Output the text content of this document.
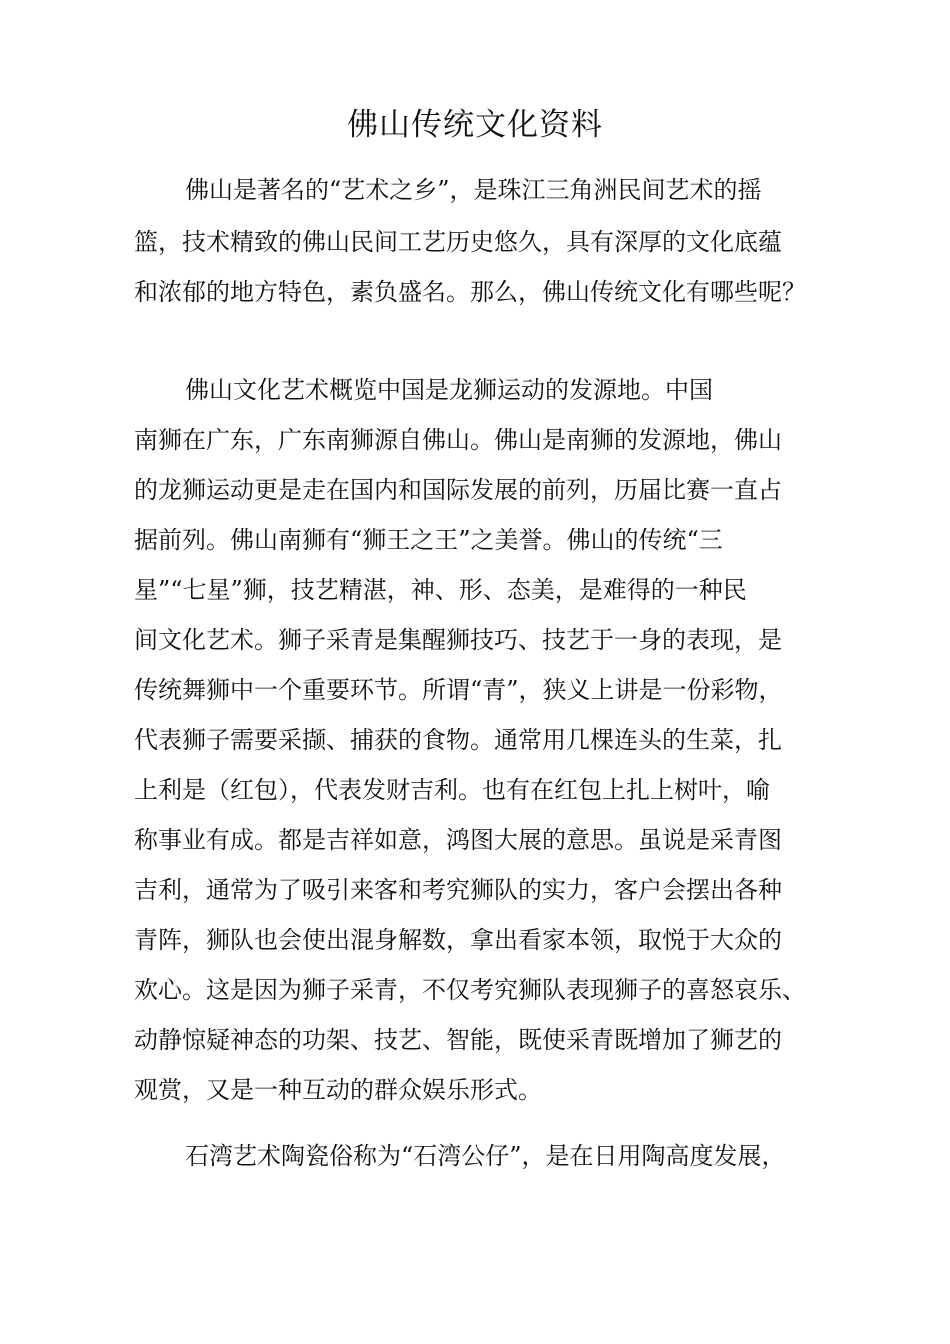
佛山传统文化资料

佛山是著名的“艺术之乡”，是珠江三角洲民间艺术的摇

篮，技术精致的佛山民间工艺历史悠久，具有深厚的文化底蕴

和浓郁的地方特色，素负盛名。那么，佛山传统文化有哪些呢？

佛山文化艺术概览中国是龙狮运动的发源地。中国

南狮在广东，广东南狮源自佛山。佛山是南狮的发源地，佛山

的龙狮运动更是走在国内和国际发展的前列，历届比赛一直占

据前列。佛山南狮有“狮王之王”之美誉。佛山的传统“三

星”“七星”狮，技艺精湛，神、形、态美，是难得的一种民

间文化艺术。狮子采青是集醒狮技巧、技艺于一身的表现，是

传统舞狮中一个重要环节。所谓“青”，狭义上讲是一份彩物，

代表狮子需要采撷、捕获的食物。通常用几棵连头的生菜，扎

上利是（红包），代表发财吉利。也有在红包上扎上树叶，喻

称事业有成。都是吉祥如意，鸿图大展的意思。虽说是采青图

吉利，通常为了吸引来客和考究狮队的实力，客户会摆出各种

青阵，狮队也会使出混身解数，拿出看家本领，取悦于大众的

欢心。这是因为狮子采青，不仅考究狮队表现狮子的喜怒哀乐、

动静惊疑神态的功架、技艺、智能，既使采青既增加了狮艺的

观赏，又是一种互动的群众娱乐形式。

石湾艺术陶瓷俗称为“石湾公仔”，是在日用陶高度发展，
